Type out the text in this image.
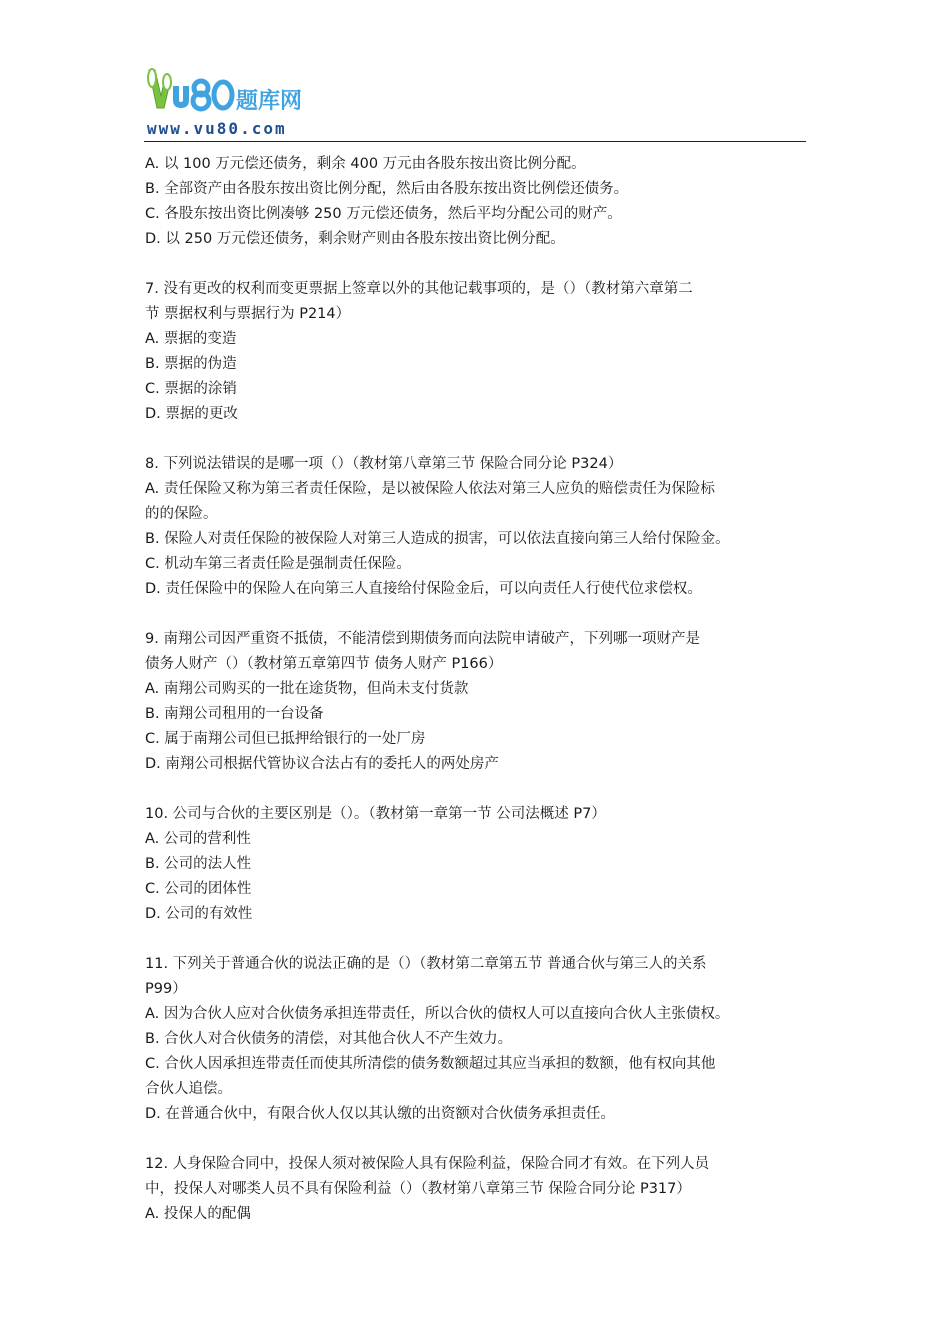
题库网
www.vu80.com
A. 以 100 万元偿还债务，剩余 400 万元由各股东按出资比例分配。
B. 全部资产由各股东按出资比例分配，然后由各股东按出资比例偿还债务。
C. 各股东按出资比例凑够 250 万元偿还债务，然后平均分配公司的财产。
D. 以 250 万元偿还债务，剩余财产则由各股东按出资比例分配。
7. 没有更改的权利而变更票据上签章以外的其他记载事项的，是（）（教材第六章第二
节 票据权利与票据行为 P214）
A. 票据的变造
B. 票据的伪造
C. 票据的涂销
D. 票据的更改
8. 下列说法错误的是哪一项（）（教材第八章第三节 保险合同分论 P324）
A. 责任保险又称为第三者责任保险，是以被保险人依法对第三人应负的赔偿责任为保险标
的的保险。
B. 保险人对责任保险的被保险人对第三人造成的损害，可以依法直接向第三人给付保险金。
C. 机动车第三者责任险是强制责任保险。
D. 责任保险中的保险人在向第三人直接给付保险金后，可以向责任人行使代位求偿权。
9. 南翔公司因严重资不抵债，不能清偿到期债务而向法院申请破产，下列哪一项财产是
债务人财产（）（教材第五章第四节 债务人财产 P166）
A. 南翔公司购买的一批在途货物，但尚未支付货款
B. 南翔公司租用的一台设备
C. 属于南翔公司但已抵押给银行的一处厂房
D. 南翔公司根据代管协议合法占有的委托人的两处房产
10. 公司与合伙的主要区别是（）。（教材第一章第一节 公司法概述 P7）
A. 公司的营利性
B. 公司的法人性
C. 公司的团体性
D. 公司的有效性
11. 下列关于普通合伙的说法正确的是（）（教材第二章第五节 普通合伙与第三人的关系
P99）
A. 因为合伙人应对合伙债务承担连带责任，所以合伙的债权人可以直接向合伙人主张债权。
B. 合伙人对合伙债务的清偿，对其他合伙人不产生效力。
C. 合伙人因承担连带责任而使其所清偿的债务数额超过其应当承担的数额，他有权向其他
合伙人追偿。
D. 在普通合伙中，有限合伙人仅以其认缴的出资额对合伙债务承担责任。
12. 人身保险合同中，投保人须对被保险人具有保险利益，保险合同才有效。在下列人员
中，投保人对哪类人员不具有保险利益（）（教材第八章第三节 保险合同分论 P317）
A. 投保人的配偶
